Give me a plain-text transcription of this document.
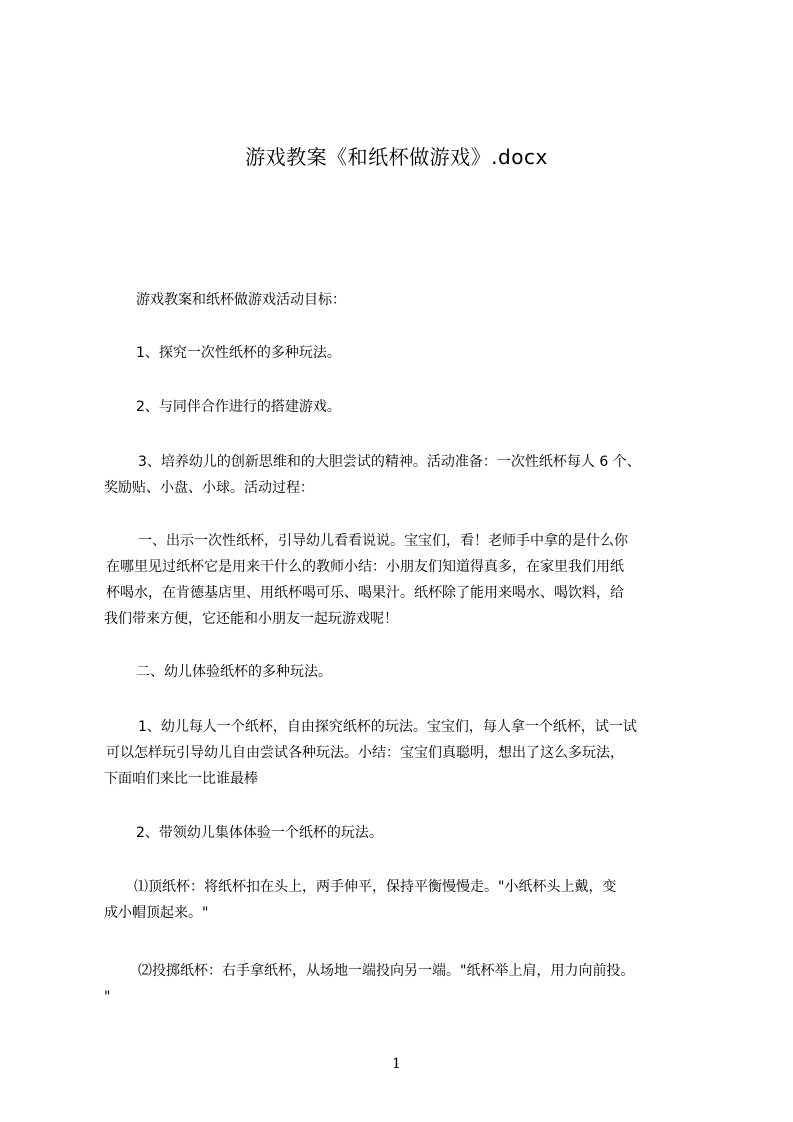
游戏教案《和纸杯做游戏》.docx
游戏教案和纸杯做游戏活动目标：
1、探究一次性纸杯的多种玩法。
2、与同伴合作进行的搭建游戏。
3、培养幼儿的创新思维和的大胆尝试的精神。活动准备：一次性纸杯每人 6 个、
奖励贴、小盘、小球。活动过程：
一、出示一次性纸杯，引导幼儿看看说说。宝宝们，看！老师手中拿的是什么你
在哪里见过纸杯它是用来干什么的教师小结：小朋友们知道得真多，在家里我们用纸
杯喝水，在肯德基店里、用纸杯喝可乐、喝果汁。纸杯除了能用来喝水、喝饮料，给
我们带来方便，它还能和小朋友一起玩游戏呢！
二、幼儿体验纸杯的多种玩法。
1、幼儿每人一个纸杯，自由探究纸杯的玩法。宝宝们，每人拿一个纸杯，试一试
可以怎样玩引导幼儿自由尝试各种玩法。小结：宝宝们真聪明，想出了这么多玩法，
下面咱们来比一比谁最棒
2、带领幼儿集体体验一个纸杯的玩法。
⑴顶纸杯：将纸杯扣在头上，两手伸平，保持平衡慢慢走。"小纸杯头上戴，变
成小帽顶起来。"
⑵投掷纸杯：右手拿纸杯，从场地一端投向另一端。"纸杯举上肩，用力向前投。
"
1
